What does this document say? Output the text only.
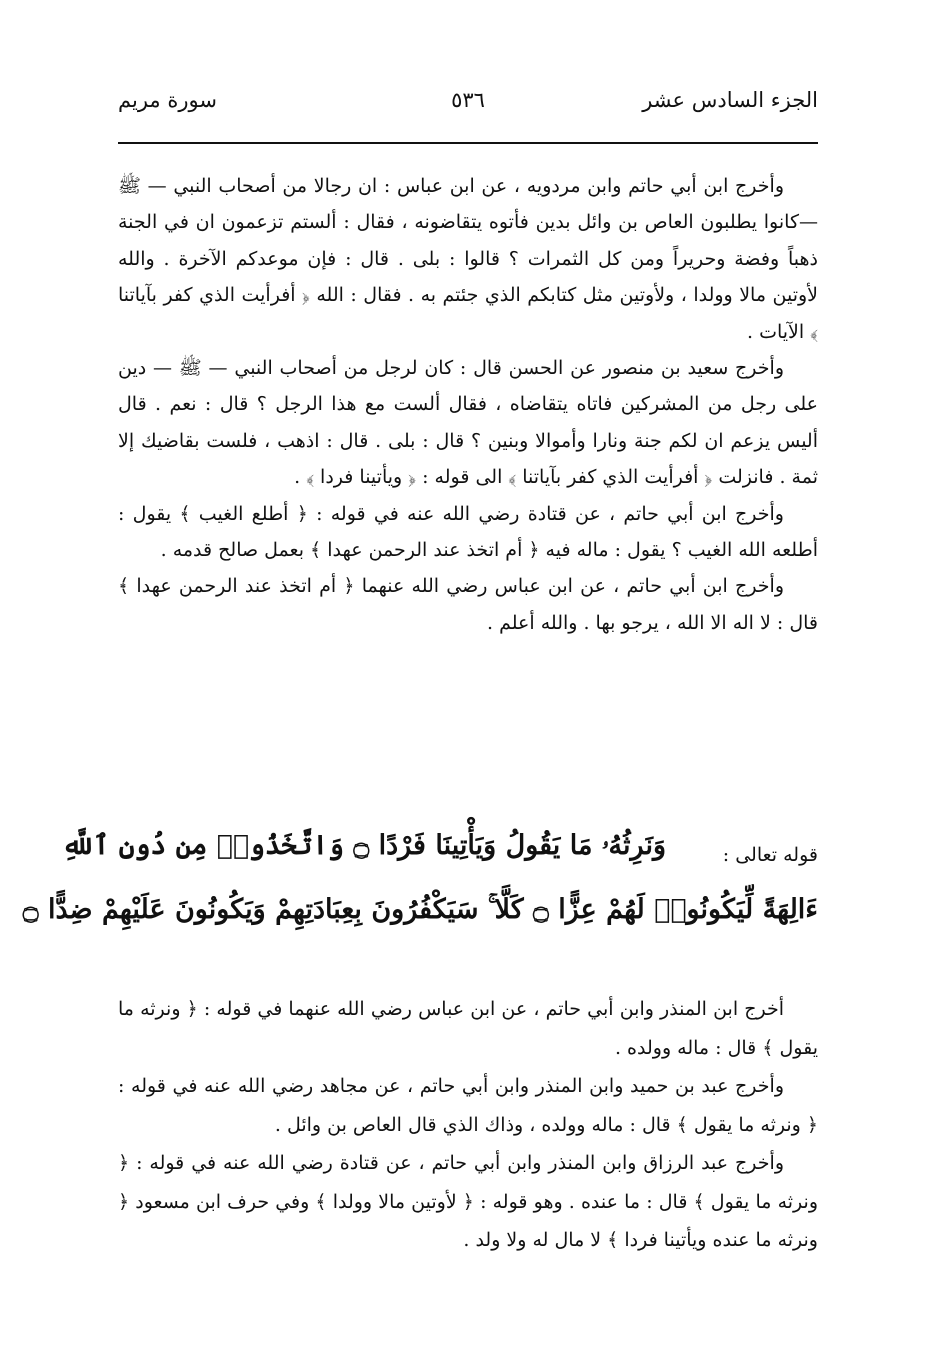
الجزء السادس عشر
٥٣٦
سورة مريم

وأخرج ابن أبي حاتم وابن مردويه ، عن ابن عباس : ان رجالا من أصحاب النبي — ﷺ —كانوا يطلبون العاص بن وائل بدين فأتوه يتقاضونه ، فقال : ألستم تزعمون ان في الجنة ذهباً وفضة وحريراً ومن كل الثمرات ؟ قالوا : بلى . قال : فإن موعدكم الآخرة . والله لأوتين مالا وولدا ، ولأوتين مثل كتابكم الذي جئتم به . فقال : الله ﴿ أفرأيت الذي كفر بآياتنا ﴾ الآيات .

وأخرج سعيد بن منصور عن الحسن قال : كان لرجل من أصحاب النبي — ﷺ — دين على رجل من المشركين فاتاه يتقاضاه ، فقال ألست مع هذا الرجل ؟ قال : نعم . قال أليس يزعم ان لكم جنة ونارا وأموالا وبنين ؟ قال : بلى . قال : اذهب ، فلست بقاضيك إلا ثمة . فانزلت ﴿ أفرأيت الذي كفر بآياتنا ﴾ الى قوله : ﴿ ويأتينا فردا ﴾ .

وأخرج ابن أبي حاتم ، عن قتادة رضي الله عنه في قوله : ﴿ أطلع الغيب ﴾ يقول : أطلعه الله الغيب ؟ يقول : ماله فيه ﴿ أم اتخذ عند الرحمن عهدا ﴾ بعمل صالح قدمه .

وأخرج ابن أبي حاتم ، عن ابن عباس رضي الله عنهما ﴿ أم اتخذ عند الرحمن عهدا ﴾ قال : لا اله الا الله ، يرجو بها . والله أعلم .

قوله تعالى :
وَنَرِثُهُۥ مَا يَقُولُ وَيَأْتِينَا فَرْدًا ۝ وَاتَّخَذُوا۟ مِن دُونِ ٱللَّهِ
ءَالِهَةً لِّيَكُونُوا۟ لَهُمْ عِزًّا ۝ كَلَّا ۚ سَيَكْفُرُونَ بِعِبَادَتِهِمْ وَيَكُونُونَ عَلَيْهِمْ ضِدًّا ۝

أخرج ابن المنذر وابن أبي حاتم ، عن ابن عباس رضي الله عنهما في قوله : ﴿ ونرثه ما يقول ﴾ قال : ماله وولده .

وأخرج عبد بن حميد وابن المنذر وابن أبي حاتم ، عن مجاهد رضي الله عنه في قوله : ﴿ ونرثه ما يقول ﴾ قال : ماله وولده ، وذاك الذي قال العاص بن وائل .

وأخرج عبد الرزاق وابن المنذر وابن أبي حاتم ، عن قتادة رضي الله عنه في قوله : ﴿ ونرثه ما يقول ﴾ قال : ما عنده . وهو قوله : ﴿ لأوتين مالا وولدا ﴾ وفي حرف ابن مسعود ﴿ ونرثه ما عنده ويأتينا فردا ﴾ لا مال له ولا ولد .
